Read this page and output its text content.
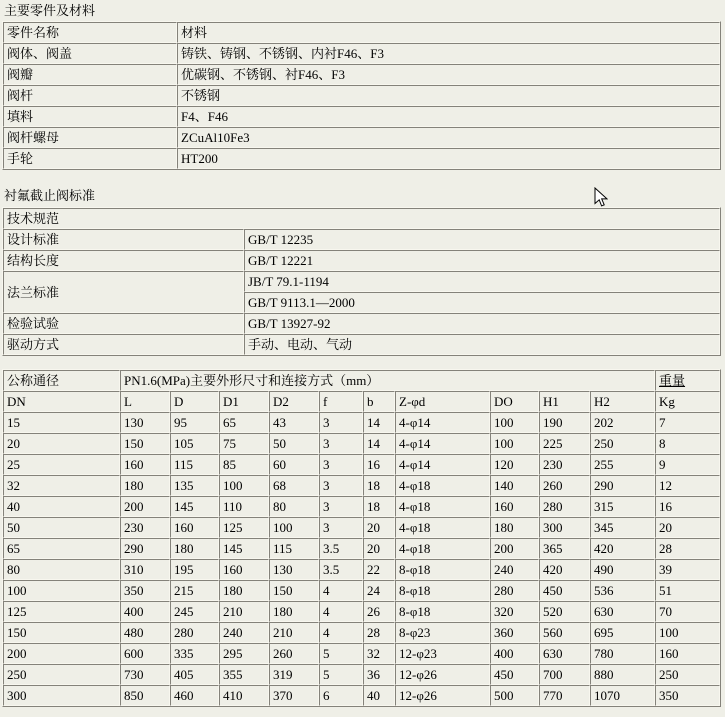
主要零件及材料
零件名称	材料
阀体、阀盖	铸铁、铸钢、不锈钢、内衬F46、F3
阀瓣	优碳钢、不锈钢、衬F46、F3
阀杆	不锈钢
填料	F4、F46
阀杆螺母	ZCuAl10Fe3
手轮	HT200
衬氟截止阀标准
技术规范	
设计标准	GB/T 12235
结构长度	GB/T 12221
法兰标准	JB/T 79.1-1194
	GB/T 9113.1—2000
检验试验	GB/T 13927-92
驱动方式	手动、电动、气动
公称通径	PN1.6(MPa)主要外形尺寸和连接方式（mm）										重量
DN	L	D	D1	D2	f	b	Z-φd	DO	H1	H2	Kg
15	130	95	65	43	3	14	4-φ14	100	190	202	7
20	150	105	75	50	3	14	4-φ14	100	225	250	8
25	160	115	85	60	3	16	4-φ14	120	230	255	9
32	180	135	100	68	3	18	4-φ18	140	260	290	12
40	200	145	110	80	3	18	4-φ18	160	280	315	16
50	230	160	125	100	3	20	4-φ18	180	300	345	20
65	290	180	145	115	3.5	20	4-φ18	200	365	420	28
80	310	195	160	130	3.5	22	8-φ18	240	420	490	39
100	350	215	180	150	4	24	8-φ18	280	450	536	51
125	400	245	210	180	4	26	8-φ18	320	520	630	70
150	480	280	240	210	4	28	8-φ23	360	560	695	100
200	600	335	295	260	5	32	12-φ23	400	630	780	160
250	730	405	355	319	5	36	12-φ26	450	700	880	250
300	850	460	410	370	6	40	12-φ26	500	770	1070	350
